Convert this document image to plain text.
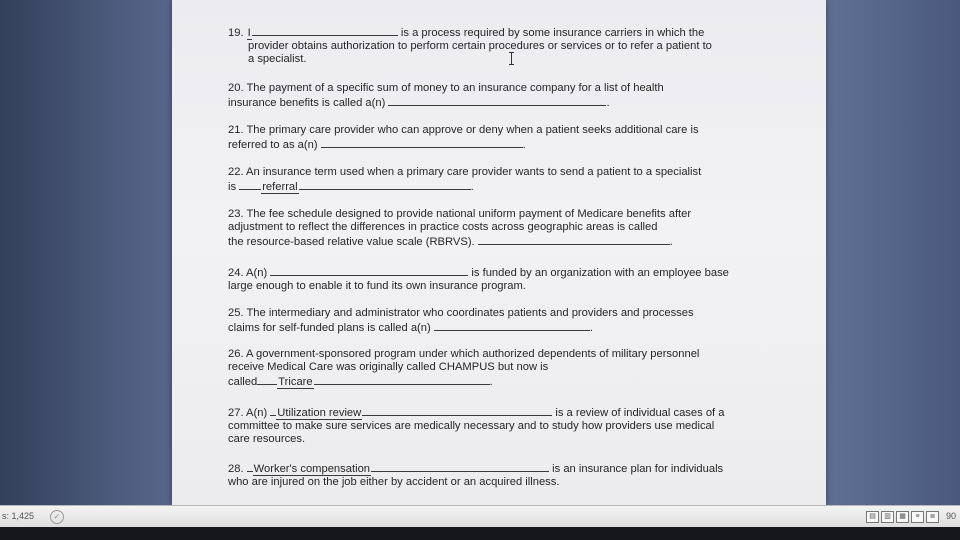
19. I	is a process required by some insurance carriers in which the

provider obtains authorization to perform certain procedures or services or to refer a patient to

a specialist.

20. The payment of a specific sum of money to an insurance company for a list of health

insurance benefits is called a(n)	.

21. The primary care provider who can approve or deny when a patient seeks additional care is

referred to as a(n)	.

22. An insurance term used when a primary care provider wants to send a patient to a specialist

is referral	.

23. The fee schedule designed to provide national uniform payment of Medicare benefits after

adjustment to reflect the differences in practice costs across geographic areas is called

the resource-based relative value scale (RBRVS).	.

24. A(n)	is funded by an organization with an employee base

large enough to enable it to fund its own insurance program.

25. The intermediary and administrator who coordinates patients and providers and processes

claims for self-funded plans is called a(n)	.

26. A government-sponsored program under which authorized dependents of military personnel

receive Medical Care was originally called CHAMPUS but now is

called Tricare	.

27. A(n) Utilization review	is a review of individual cases of a

committee to make sure services are medically necessary and to study how providers use medical

care resources.

28. Worker's compensation	is an insurance plan for individuals

who are injured on the job either by accident or an acquired illness.

s: 1,425	✓	▤ ▥ ▦ ≡ ≣	90
